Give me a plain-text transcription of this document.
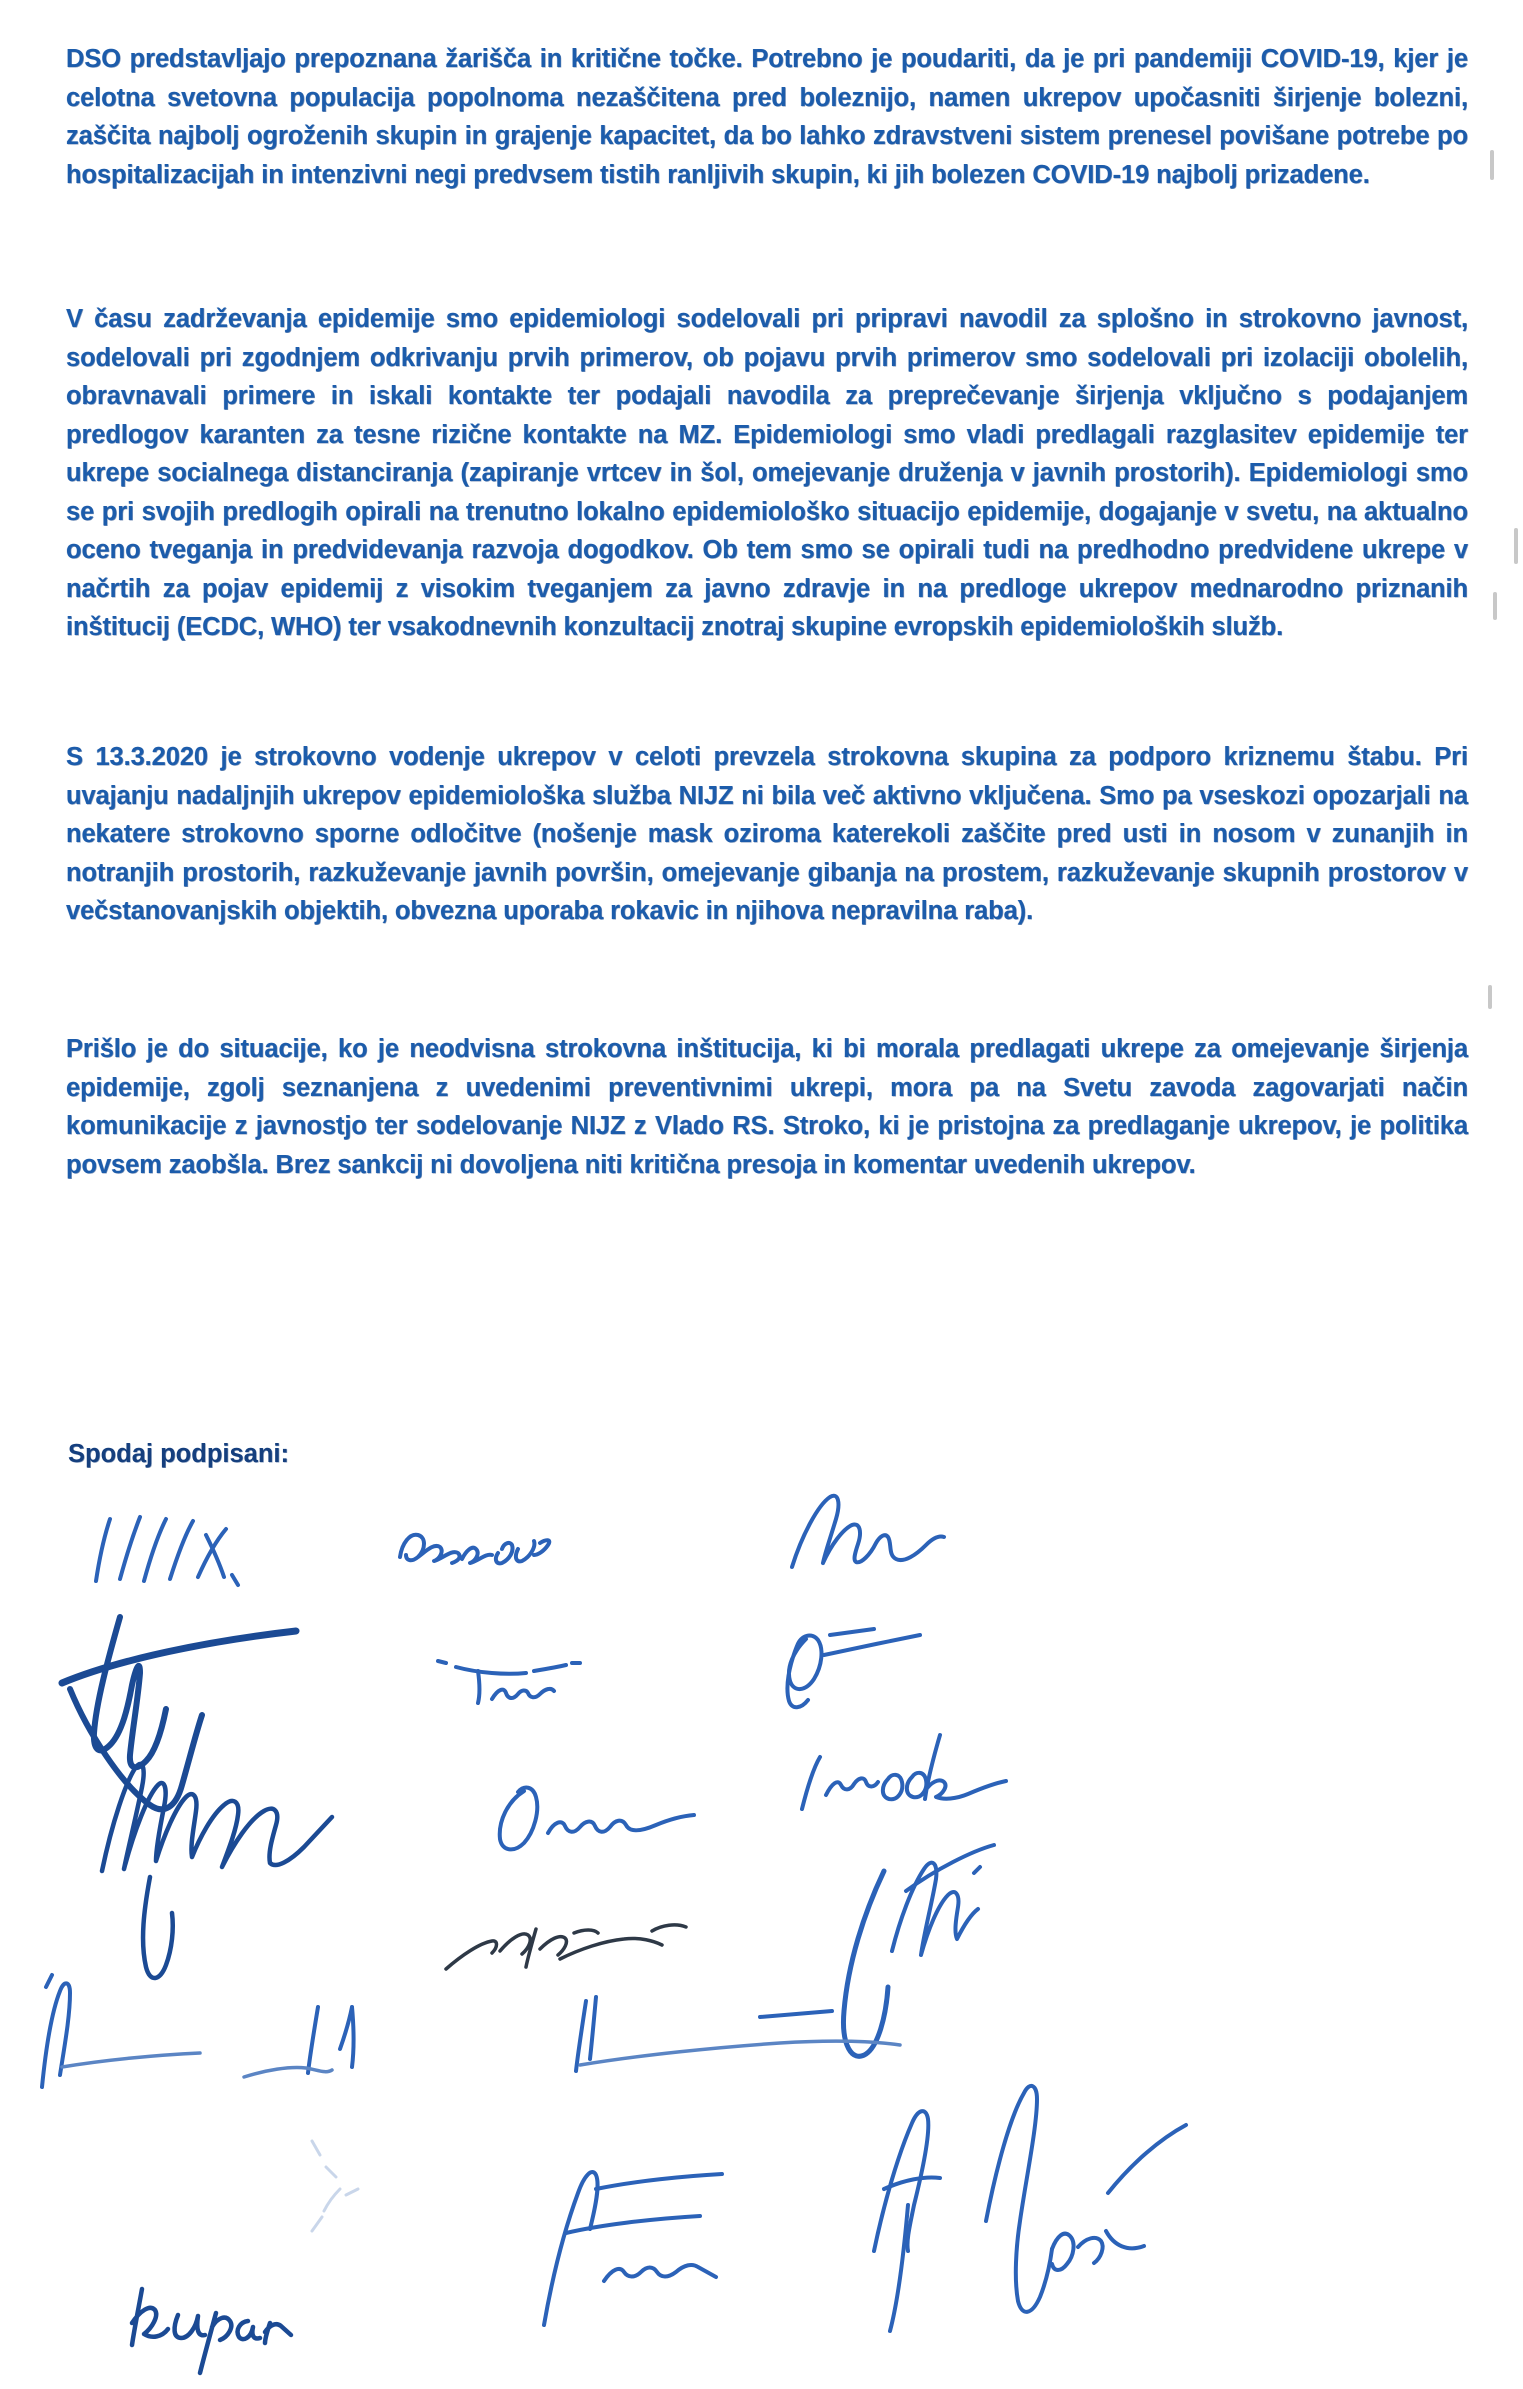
DSO predstavljajo prepoznana žarišča in kritične točke. Potrebno je poudariti, da je pri pandemiji COVID-19, kjer je celotna svetovna populacija popolnoma nezaščitena pred boleznijo, namen ukrepov upočasniti širjenje bolezni, zaščita najbolj ogroženih skupin in grajenje kapacitet, da bo lahko zdravstveni sistem prenesel povišane potrebe po hospitalizacijah in intenzivni negi predvsem tistih ranljivih skupin, ki jih bolezen COVID-19 najbolj prizadene.
V času zadrževanja epidemije smo epidemiologi sodelovali pri pripravi navodil za splošno in strokovno javnost, sodelovali pri zgodnjem odkrivanju prvih primerov, ob pojavu prvih primerov smo sodelovali pri izolaciji obolelih, obravnavali primere in iskali kontakte ter podajali navodila za preprečevanje širjenja vključno s podajanjem predlogov karanten za tesne rizične kontakte na MZ. Epidemiologi smo vladi predlagali razglasitev epidemije ter ukrepe socialnega distanciranja (zapiranje vrtcev in šol, omejevanje druženja v javnih prostorih). Epidemiologi smo se pri svojih predlogih opirali na trenutno lokalno epidemiološko situacijo epidemije, dogajanje v svetu, na aktualno oceno tveganja in predvidevanja razvoja dogodkov. Ob tem smo se opirali tudi na predhodno predvidene ukrepe v načrtih za pojav epidemij z visokim tveganjem za javno zdravje in na predloge ukrepov mednarodno priznanih inštitucij (ECDC, WHO) ter vsakodnevnih konzultacij znotraj skupine evropskih epidemioloških služb.
S 13.3.2020 je strokovno vodenje ukrepov v celoti prevzela strokovna skupina za podporo kriznemu štabu. Pri uvajanju nadaljnjih ukrepov epidemiološka služba NIJZ ni bila več aktivno vključena. Smo pa vseskozi opozarjali na nekatere strokovno sporne odločitve (nošenje mask oziroma katerekoli zaščite pred usti in nosom v zunanjih in notranjih prostorih, razkuževanje javnih površin, omejevanje gibanja na prostem, razkuževanje skupnih prostorov v večstanovanjskih objektih, obvezna uporaba rokavic in njihova nepravilna raba).
Prišlo je do situacije, ko je neodvisna strokovna inštitucija, ki bi morala predlagati ukrepe za omejevanje širjenja epidemije, zgolj seznanjena z uvedenimi preventivnimi ukrepi, mora pa na Svetu zavoda zagovarjati način komunikacije z javnostjo ter sodelovanje NIJZ z Vlado RS. Stroko, ki je pristojna za predlaganje ukrepov, je politika povsem zaobšla. Brez sankcij ni dovoljena niti kritična presoja in komentar uvedenih ukrepov.
Spodaj podpisani:
